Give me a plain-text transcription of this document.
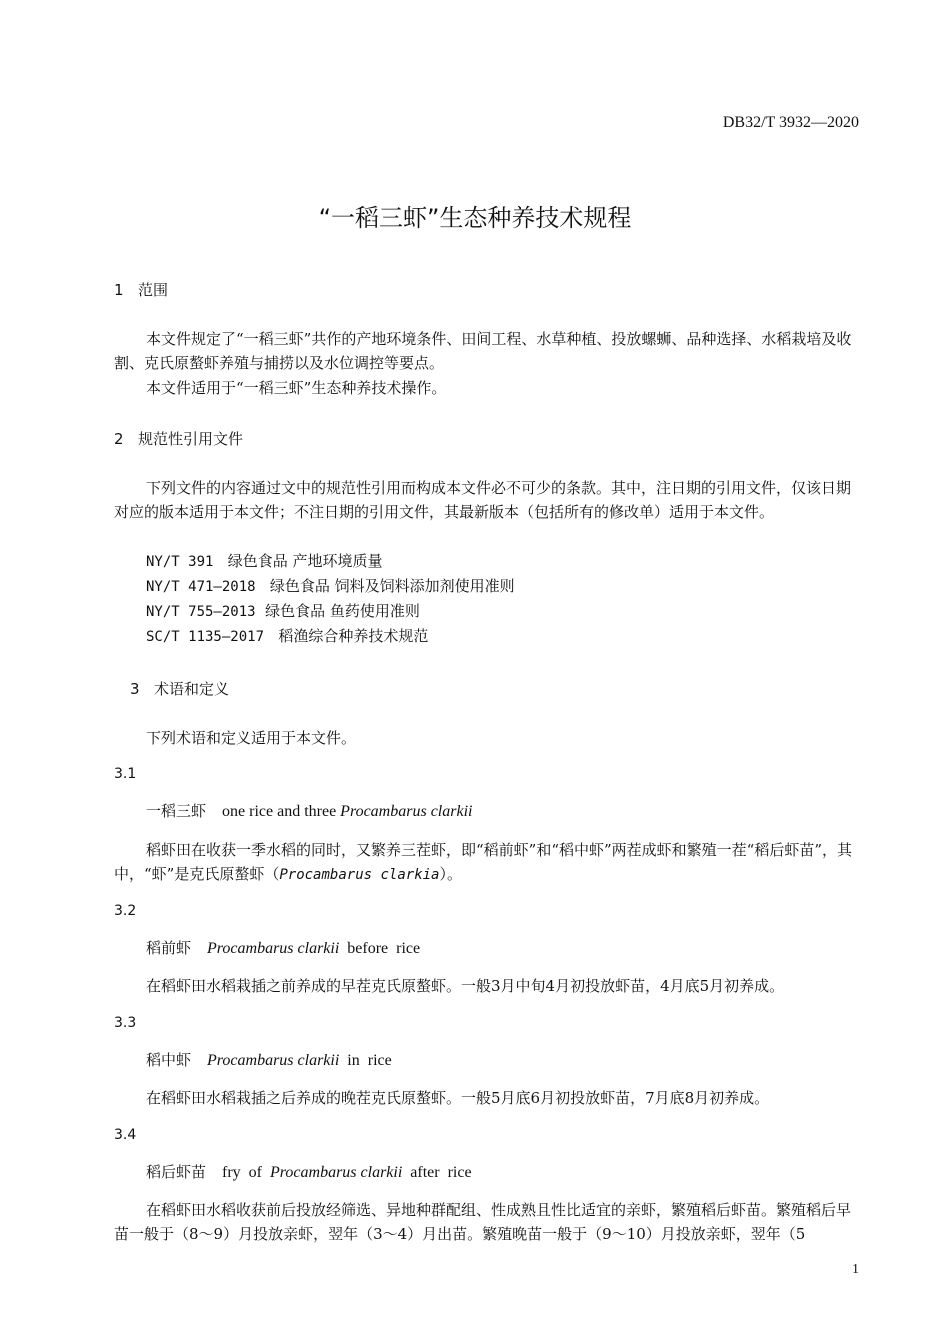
DB32/T 3932—2020
“一稻三虾”生态种养技术规程
1 范围
本文件规定了“一稻三虾”共作的产地环境条件、田间工程、水草种植、投放螺蛳、品种选择、水稻栽培及收割、克氏原螯虾养殖与捕捞以及水位调控等要点。
本文件适用于“一稻三虾”生态种养技术操作。
2 规范性引用文件
下列文件的内容通过文中的规范性引用而构成本文件必不可少的条款。其中，注日期的引用文件，仅该日期对应的版本适用于本文件；不注日期的引用文件，其最新版本（包括所有的修改单）适用于本文件。
NY/T 391 绿色食品 产地环境质量
NY/T 471—2018 绿色食品 饲料及饲料添加剂使用准则
NY/T 755—2013 绿色食品 鱼药使用准则
SC/T 1135—2017 稻渔综合种养技术规范
3 术语和定义
下列术语和定义适用于本文件。
3.1
一稻三虾 one rice and three Procambarus clarkii
稻虾田在收获一季水稻的同时，又繁养三茬虾，即“稻前虾”和“稻中虾”两茬成虾和繁殖一茬“稻后虾苗”，其中，“虾”是克氏原螯虾（Procambarus clarkia）。
3.2
稻前虾 Procambarus clarkii  before  rice
在稻虾田水稻栽插之前养成的早茬克氏原螯虾。一般3月中旬4月初投放虾苗，4月底5月初养成。
3.3
稻中虾 Procambarus clarkii  in  rice
在稻虾田水稻栽插之后养成的晚茬克氏原螯虾。一般5月底6月初投放虾苗，7月底8月初养成。
3.4
稻后虾苗 fry  of  Procambarus clarkii  after  rice
在稻虾田水稻收获前后投放经筛选、异地种群配组、性成熟且性比适宜的亲虾，繁殖稻后虾苗。繁殖稻后早苗一般于（8～9）月投放亲虾，翌年（3～4）月出苗。繁殖晚苗一般于（9～10）月投放亲虾，翌年（5
1
